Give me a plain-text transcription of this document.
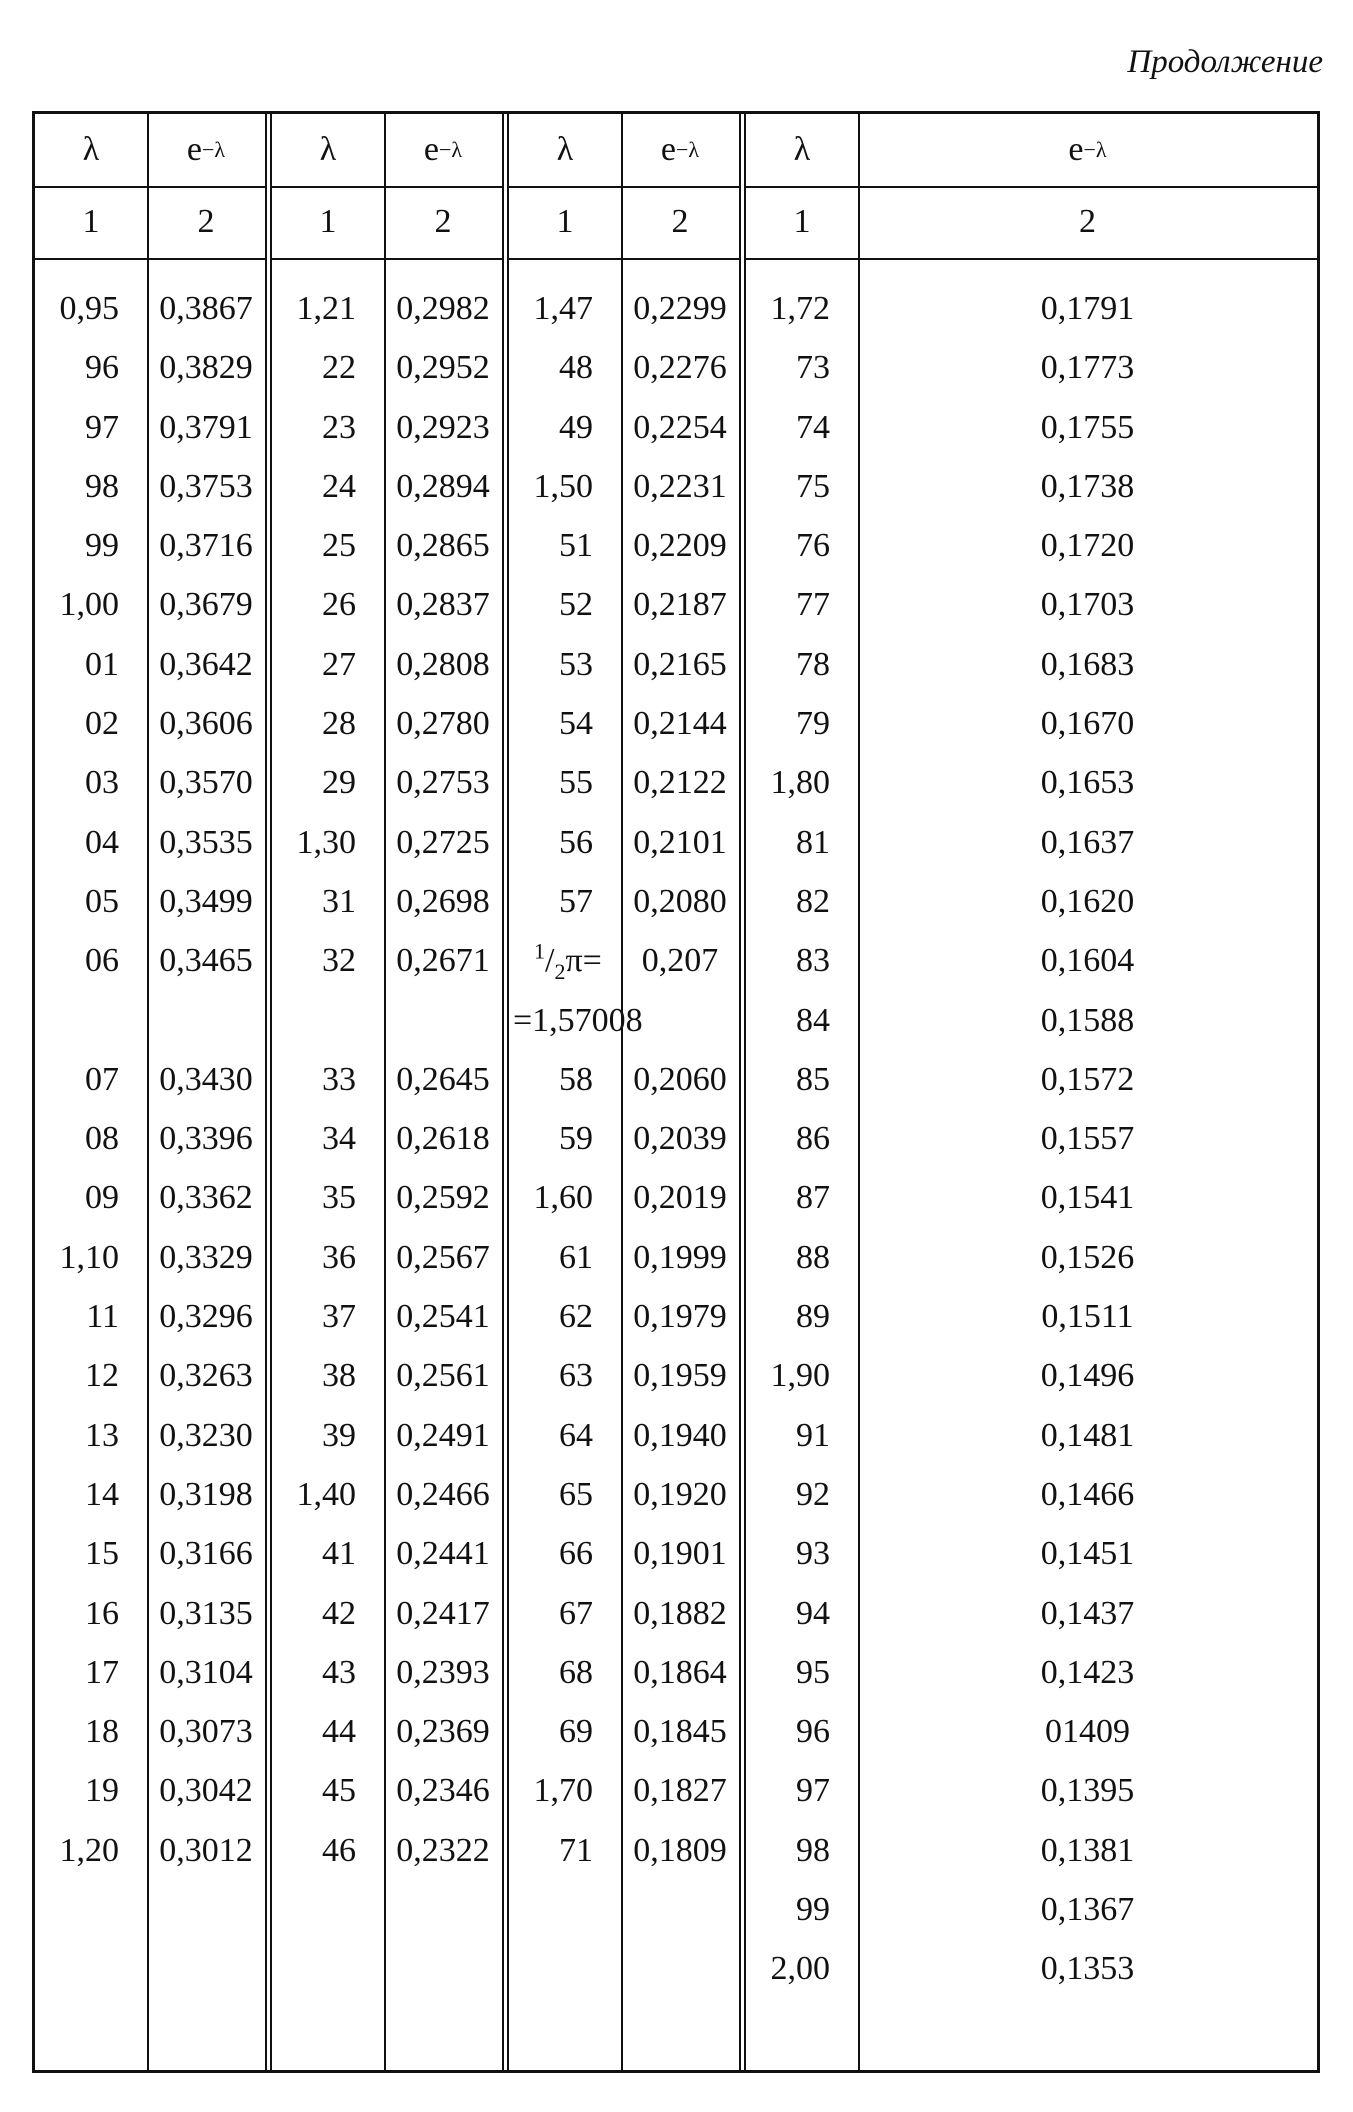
Продолжение
λ
1
0,95
96
97
98
99
1,00
01
02
03
04
05
06
07
08
09
1,10
11
12
13
14
15
16
17
18
19
1,20
e −λ
2
0,3867
0,3829
0,3791
0,3753
0,3716
0,3679
0,3642
0,3606
0,3570
0,3535
0,3499
0,3465
0,3430
0,3396
0,3362
0,3329
0,3296
0,3263
0,3230
0,3198
0,3166
0,3135
0,3104
0,3073
0,3042
0,3012
λ
1
1,21
22
23
24
25
26
27
28
29
1,30
31
32
33
34
35
36
37
38
39
1,40
41
42
43
44
45
46
e −λ
2
0,2982
0,2952
0,2923
0,2894
0,2865
0,2837
0,2808
0,2780
0,2753
0,2725
0,2698
0,2671
0,2645
0,2618
0,2592
0,2567
0,2541
0,2561
0,2491
0,2466
0,2441
0,2417
0,2393
0,2369
0,2346
0,2322
λ
1
1,47
48
49
1,50
51
52
53
54
55
56
57
$^1/_2\pi=$
=1,57008
58
59
1,60
61
62
63
64
65
66
67
68
69
1,70
71
e −λ
2
0,2299
0,2276
0,2254
0,2231
0,2209
0,2187
0,2165
0,2144
0,2122
0,2101
0,2080
0,207
0,2060
0,2039
0,2019
0,1999
0,1979
0,1959
0,1940
0,1920
0,1901
0,1882
0,1864
0,1845
0,1827
0,1809
λ
1
1,72
73
74
75
76
77
78
79
1,80
81
82
83
84
85
86
87
88
89
1,90
91
92
93
94
95
96
97
98
99
2,00
e −λ
2
0,1791
0,1773
0,1755
0,1738
0,1720
0,1703
0,1683
0,1670
0,1653
0,1637
0,1620
0,1604
0,1588
0,1572
0,1557
0,1541
0,1526
0,1511
0,1496
0,1481
0,1466
0,1451
0,1437
0,1423
01409
0,1395
0,1381
0,1367
0,1353
